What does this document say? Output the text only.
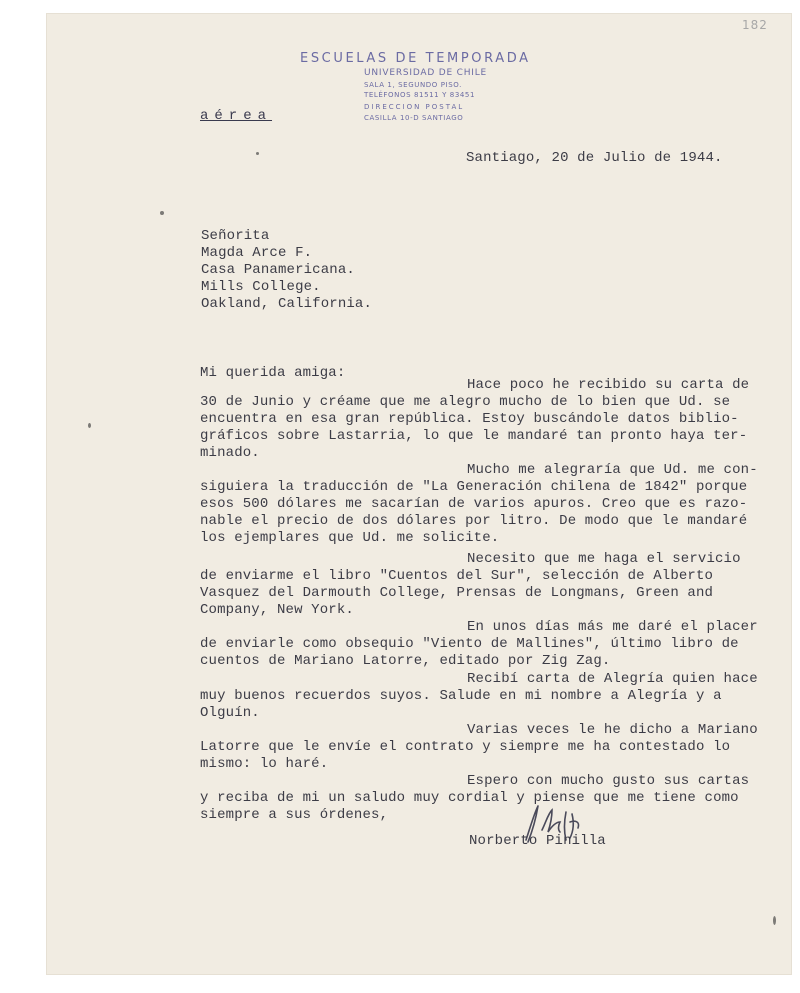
182
ESCUELAS DE TEMPORADA
UNIVERSIDAD DE CHILE
SALA 1, SEGUNDO PISO.
TELÉFONOS 81511 Y 83451
DIRECCION POSTAL
CASILLA 10-D SANTIAGO
aérea
Santiago, 20 de Julio de 1944.
Señorita
Magda Arce F.
Casa Panamericana.
Mills College.
Oakland, California.
Mi querida amiga:
Hace poco he recibido su carta de
30 de Junio y créame que me alegro mucho de lo bien que Ud. se
encuentra en esa gran república. Estoy buscándole datos biblio-
gráficos sobre Lastarria, lo que le mandaré tan pronto haya ter-
minado.
Mucho me alegraría que Ud. me con-
siguiera la traducción de "La Generación chilena de 1842" porque
esos 500 dólares me sacarían de varios apuros. Creo que es razo-
nable el precio de dos dólares por litro. De modo que le mandaré
los ejemplares que Ud. me solicite.
Necesito que me haga el servicio
de enviarme el libro "Cuentos del Sur", selección de Alberto
Vasquez del Darmouth College, Prensas de Longmans, Green and
Company, New York.
En unos días más me daré el placer
de enviarle como obsequio "Viento de Mallines", último libro de
cuentos de Mariano Latorre, editado por Zig Zag.
Recibí carta de Alegría quien hace
muy buenos recuerdos suyos. Salude en mi nombre a Alegría y a
Olguín.
Varias veces le he dicho a Mariano
Latorre que le envíe el contrato y siempre me ha contestado lo
mismo: lo haré.
Espero con mucho gusto sus cartas
y reciba de mi un saludo muy cordial y piense que me tiene como
siempre a sus órdenes,
Norberto Pinilla
